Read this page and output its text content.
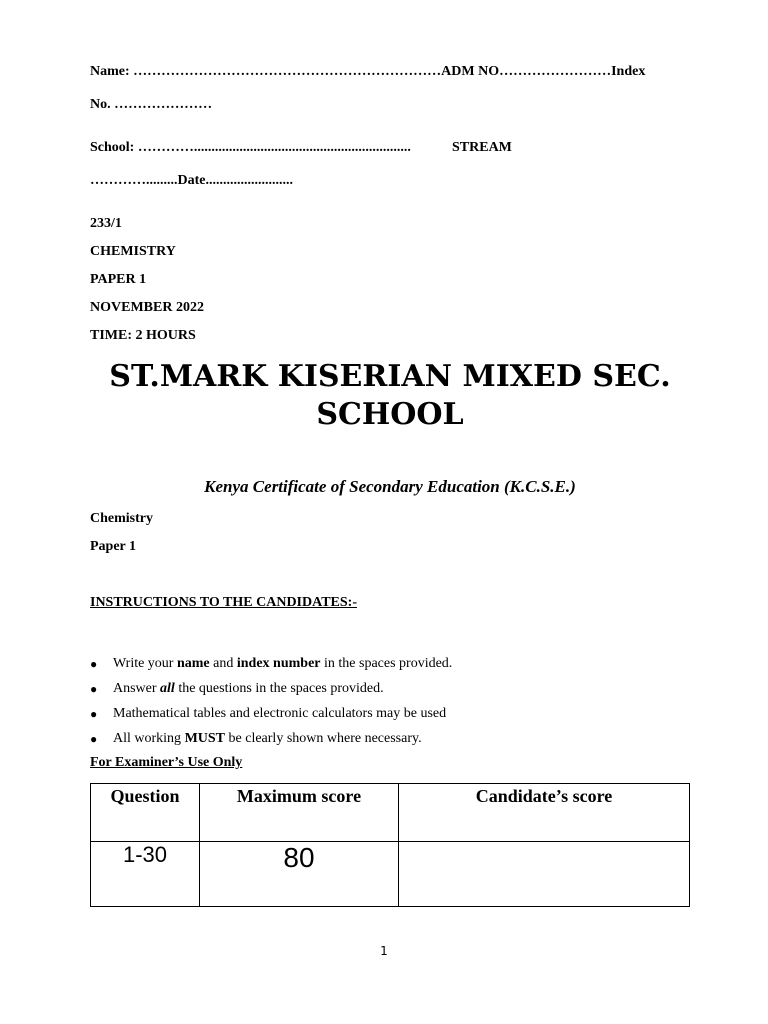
Name: …………………………………………………………ADM NO……………………Index
No. …………………
School: …………..............................................................	STREAM
………….........Date.........................
233/1
CHEMISTRY
PAPER 1
NOVEMBER 2022
TIME: 2 HOURS
ST.MARK KISERIAN MIXED SEC.
SCHOOL
Kenya Certificate of Secondary Education (K.C.S.E.)
Chemistry
Paper 1
INSTRUCTIONS TO THE CANDIDATES:-
● Write your name and index number in the spaces provided.
● Answer all the questions in the spaces provided.
● Mathematical tables and electronic calculators may be used
● All working MUST be clearly shown where necessary.
For Examiner’s Use Only
Question	Maximum score	Candidate’s score
1-30	80	
1
